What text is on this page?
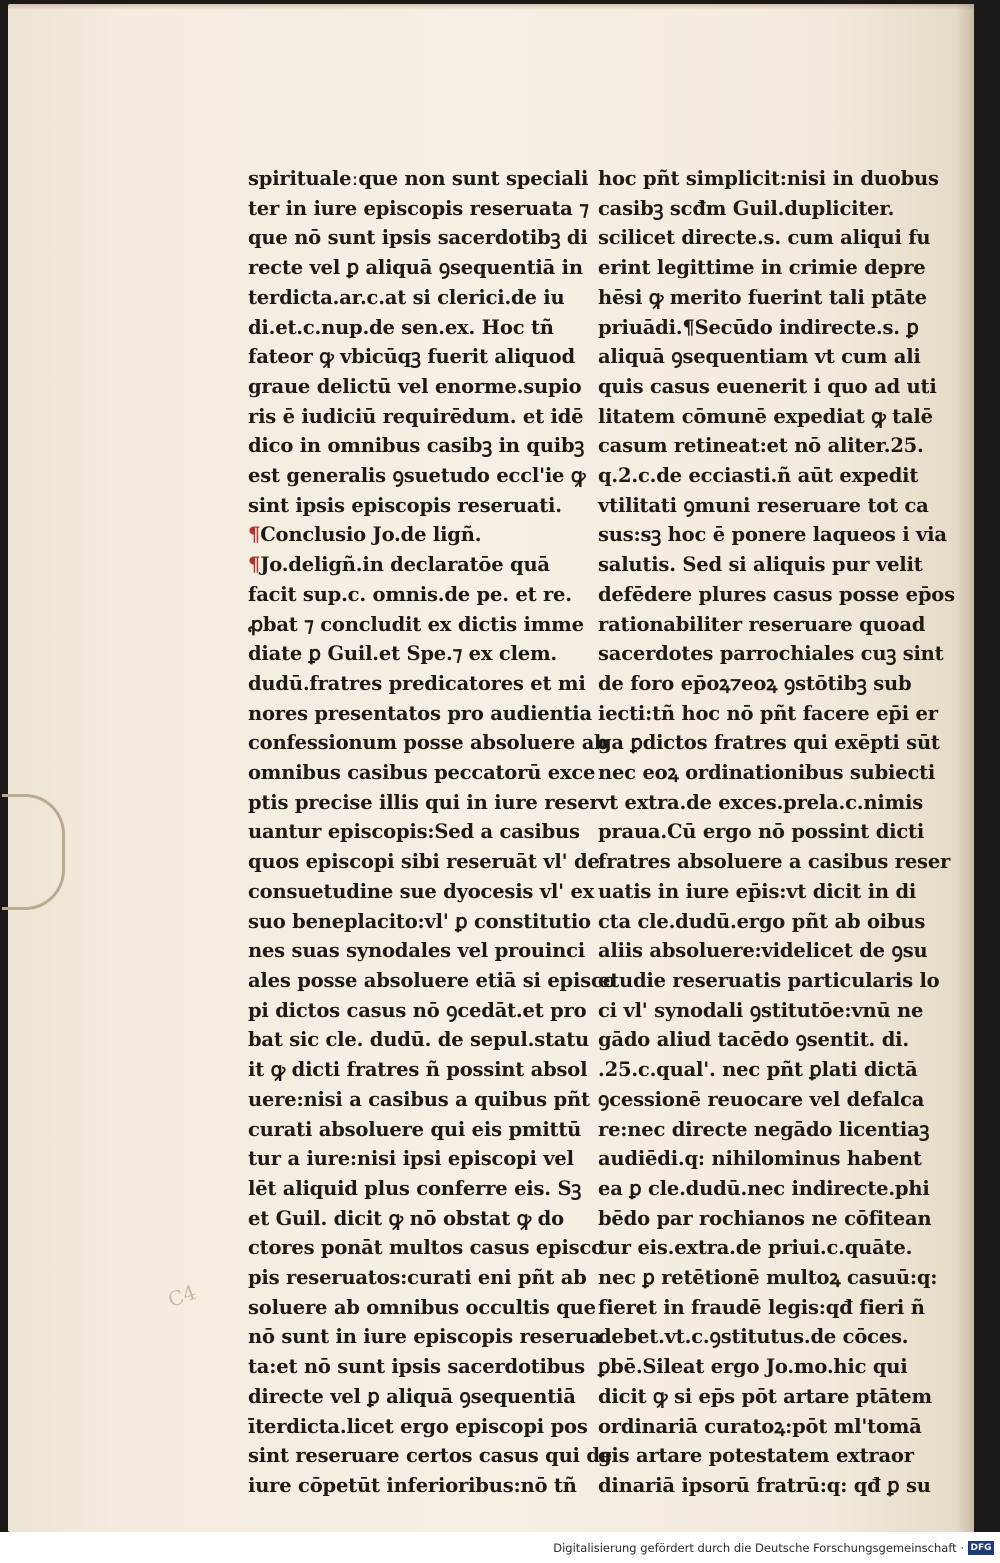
spiritualeːque non sunt speciali
ter in iure episcopis reseruata ⁊
que nō sunt ipsis sacerdotibꝫ di
recte vel ꝑ aliquā ꝯsequentiā in
terdicta.ar.c.at si clerici.de iu
di.et.c.nup.de sen.ex. Hoc tñ
fateor ꝙ vbicūqꝫ fuerit aliquod
graue delictū vel enorme.supio
ris ē iudiciū requirēdum. et idē
dico in omnibus casibꝫ in quibꝫ
est generalis ꝯsuetudo eccl'ie ꝙ
sint ipsis episcopis reseruati.
¶Conclusio Jo.de ligñ.
¶Jo.deligñ.in declaratōe quā
facit sup.c. omnis.de pe. et re.
ꝓbat ⁊ concludit ex dictis imme
diate ꝑ Guil.et Spe.⁊ ex clem.
dudū.fratres predicatores et mi
nores presentatos pro audientia
confessionum posse absoluere ab
omnibus casibus peccatorū exce
ptis precise illis qui in iure reser
uantur episcopis:Sed a casibus
quos episcopi sibi reseruāt vl' de
consuetudine sue dyocesis vl' ex
suo beneplacito:vl' ꝑ constitutio
nes suas synodales vel prouinci
ales posse absoluere etiā si episco
pi dictos casus nō ꝯcedāt.et pro
bat sic cle. dudū. de sepul.statu
it ꝙ dicti fratres ñ possint absol
uere:nisi a casibus a quibus pñt
curati absoluere qui eis pmittū
tur a iure:nisi ipsi episcopi vel
lēt aliquid plus conferre eis. Sꝫ
et Guil. dicit ꝙ nō obstat ꝙ do
ctores ponāt multos casus episco
pis reseruatos:curati eni pñt ab
soluere ab omnibus occultis que
nō sunt in iure episcopis reserua
ta:et nō sunt ipsis sacerdotibus
directe vel ꝑ aliquā ꝯsequentiā
īterdicta.licet ergo episcopi pos
sint reseruare certos casus qui de
iure cōpetūt inferioribus:nō tñ
hoc pñt simplicit:nisi in duobus
casibꝫ scđm Guil.dupliciter.
scilicet directe.s. cum aliqui fu
erint legittime in crimie depre
hēsi ꝙ merito fuerint tali ptāte
priuādi.¶Secūdo indirecte.s. ꝑ
aliquā ꝯsequentiam vt cum ali
quis casus euenerit i quo ad uti
litatem cōmunē expediat ꝙ talē
casum retineat:et nō aliter.25.
q.2.c.de ecciasti.ñ aūt expedit
vtilitati ꝯmuni reseruare tot ca
sus:sꝫ hoc ē ponere laqueos i via
salutis. Sed si aliquis pur velit
defēdere plures casus posse ep̄os
rationabiliter reseruare quoad
sacerdotes parrochiales cuꝫ sint
de foro ep̄oꝝ⁊eoꝝ ꝯstōtibꝫ sub
iecti:tñ hoc nō pñt facere ep̄i er
ga ꝑdictos fratres qui exēpti sūt
nec eoꝝ ordinationibus subiecti
vt extra.de exces.prela.c.nimis
praua.Cū ergo nō possint dicti
fratres absoluere a casibus reser
uatis in iure ep̄is:vt dicit in di
cta cle.dudū.ergo pñt ab oibus
aliis absoluere:videlicet de ꝯsu
etudie reseruatis particularis lo
ci vl' synodali ꝯstitutōe:vnū ne
gādo aliud tacēdo ꝯsentit. di.
.25.c.qual'. nec pñt ꝑlati dictā
ꝯcessionē reuocare vel defalca
re:nec directe negādo licentiaꝫ
audiēdi.q: nihilominus habent
ea ꝑ cle.dudū.nec indirecte.phi
bēdo par rochianos ne cōfitean
tur eis.extra.de priui.c.quāte.
nec ꝑ retētionē multoꝝ casuū:q:
fieret in fraudē legis:qđ fieri ñ
debet.vt.c.ꝯstitutus.de cōces.
ꝑbē.Sileat ergo Jo.mo.hic qui
dicit ꝙ si ep̄s pōt artare ptātem
ordinariā curatoꝝ:pōt ml'tomā
gis artare potestatem extraor
dinariā ipsorū fratrū:q: qđ ꝑ su
C4
Digitalisierung gefördert durch die Deutsche Forschungsgemeinschaft · DFG
